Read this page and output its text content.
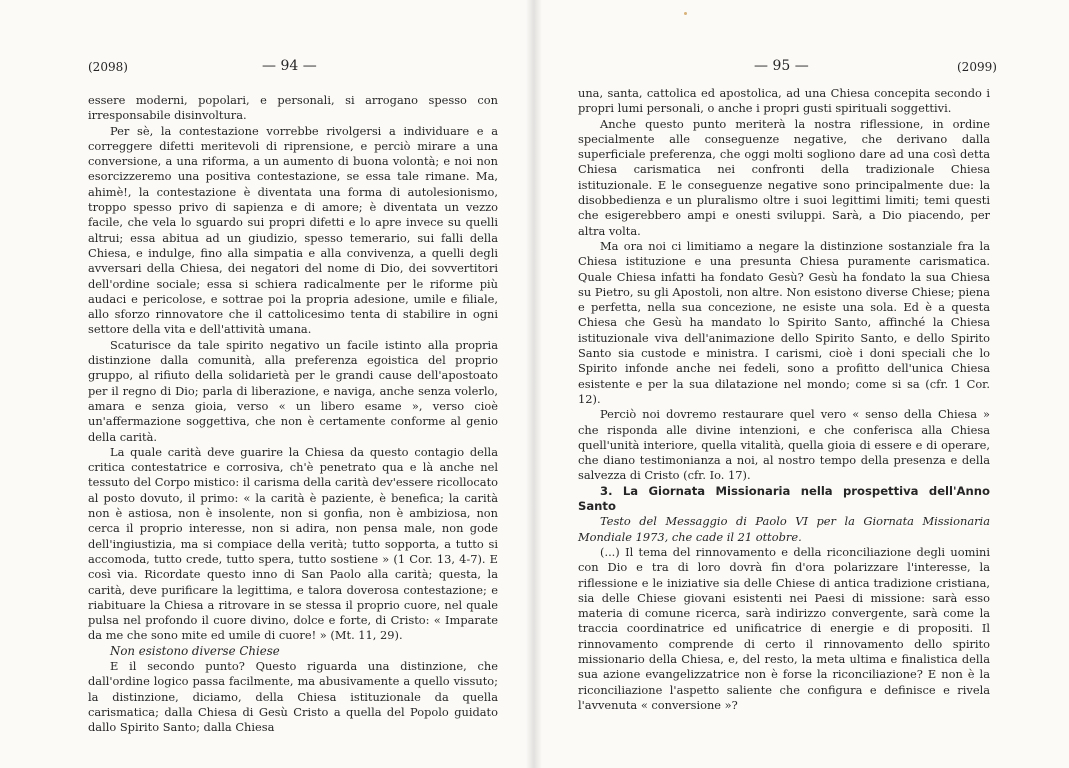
(2098)	— 94 —

essere moderni, popolari, e personali, si arrogano spesso con irresponsabile disinvoltura.

Per sè, la contestazione vorrebbe rivolgersi a individuare e a correggere difetti meritevoli di riprensione, e perciò mirare a una conversione, a una riforma, a un aumento di buona volontà; e noi non esorcizzeremo una positiva contestazione, se essa tale rimane. Ma, ahimè!, la contestazione è diventata una forma di autolesionismo, troppo spesso privo di sapienza e di amore; è diventata un vezzo facile, che vela lo sguardo sui propri difetti e lo apre invece su quelli altrui; essa abitua ad un giudizio, spesso temerario, sui falli della Chiesa, e indulge, fino alla simpatia e alla convivenza, a quelli degli avversari della Chiesa, dei negatori del nome di Dio, dei sovvertitori dell'ordine sociale; essa si schiera radicalmente per le riforme più audaci e pericolose, e sottrae poi la propria adesione, umile e filiale, allo sforzo rinnovatore che il cattolicesimo tenta di stabilire in ogni settore della vita e dell'attività umana.

Scaturisce da tale spirito negativo un facile istinto alla propria distinzione dalla comunità, alla preferenza egoistica del proprio gruppo, al rifiuto della solidarietà per le grandi cause dell'apostoato per il regno di Dio; parla di liberazione, e naviga, anche senza volerlo, amara e senza gioia, verso « un libero esame », verso cioè un'affermazione soggettiva, che non è certamente conforme al genio della carità.

La quale carità deve guarire la Chiesa da questo contagio della critica contestatrice e corrosiva, ch'è penetrato qua e là anche nel tessuto del Corpo mistico: il carisma della carità dev'essere ricollocato al posto dovuto, il primo: « la carità è paziente, è benefica; la carità non è astiosa, non è insolente, non si gonfia, non è ambiziosa, non cerca il proprio interesse, non si adira, non pensa male, non gode dell'ingiustizia, ma si compiace della verità; tutto sopporta, a tutto si accomoda, tutto crede, tutto spera, tutto sostiene » (1 Cor. 13, 4-7). E così via. Ricordate questo inno di San Paolo alla carità; questa, la carità, deve purificare la legittima, e talora doverosa contestazione; e riabituare la Chiesa a ritrovare in se stessa il proprio cuore, nel quale pulsa nel profondo il cuore divino, dolce e forte, di Cristo: « Imparate da me che sono mite ed umile di cuore! » (Mt. 11, 29).

Non esistono diverse Chiese

E il secondo punto? Questo riguarda una distinzione, che dall'ordine logico passa facilmente, ma abusivamente a quello vissuto; la distinzione, diciamo, della Chiesa istituzionale da quella carismatica; dalla Chiesa di Gesù Cristo a quella del Popolo guidato dallo Spirito Santo; dalla Chiesa

— 95 —	(2099)

una, santa, cattolica ed apostolica, ad una Chiesa concepita secondo i propri lumi personali, o anche i propri gusti spirituali soggettivi.

Anche questo punto meriterà la nostra riflessione, in ordine specialmente alle conseguenze negative, che derivano dalla superficiale preferenza, che oggi molti sogliono dare ad una così detta Chiesa carismatica nei confronti della tradizionale Chiesa istituzionale. E le conseguenze negative sono principalmente due: la disobbedienza e un pluralismo oltre i suoi legittimi limiti; temi questi che esigerebbero ampi e onesti sviluppi. Sarà, a Dio piacendo, per altra volta.

Ma ora noi ci limitiamo a negare la distinzione sostanziale fra la Chiesa istituzione e una presunta Chiesa puramente carismatica. Quale Chiesa infatti ha fondato Gesù? Gesù ha fondato la sua Chiesa su Pietro, su gli Apostoli, non altre. Non esistono diverse Chiese; piena e perfetta, nella sua concezione, ne esiste una sola. Ed è a questa Chiesa che Gesù ha mandato lo Spirito Santo, affinché la Chiesa istituzionale viva dell'animazione dello Spirito Santo, e dello Spirito Santo sia custode e ministra. I carismi, cioè i doni speciali che lo Spirito infonde anche nei fedeli, sono a profitto dell'unica Chiesa esistente e per la sua dilatazione nel mondo; come si sa (cfr. 1 Cor. 12).

Perciò noi dovremo restaurare quel vero « senso della Chiesa » che risponda alle divine intenzioni, e che conferisca alla Chiesa quell'unità interiore, quella vitalità, quella gioia di essere e di operare, che diano testimonianza a noi, al nostro tempo della presenza e della salvezza di Cristo (cfr. Io. 17).

3. La Giornata Missionaria nella prospettiva dell'Anno Santo

Testo del Messaggio di Paolo VI per la Giornata Missionaria Mondiale 1973, che cade il 21 ottobre.

(...) Il tema del rinnovamento e della riconciliazione degli uomini con Dio e tra di loro dovrà fin d'ora polarizzare l'interesse, la riflessione e le iniziative sia delle Chiese di antica tradizione cristiana, sia delle Chiese giovani esistenti nei Paesi di missione: sarà esso materia di comune ricerca, sarà indirizzo convergente, sarà come la traccia coordinatrice ed unificatrice di energie e di propositi. Il rinnovamento comprende di certo il rinnovamento dello spirito missionario della Chiesa, e, del resto, la meta ultima e finalistica della sua azione evangelizzatrice non è forse la riconciliazione? E non è la riconciliazione l'aspetto saliente che configura e definisce e rivela l'avvenuta « conversione »?
